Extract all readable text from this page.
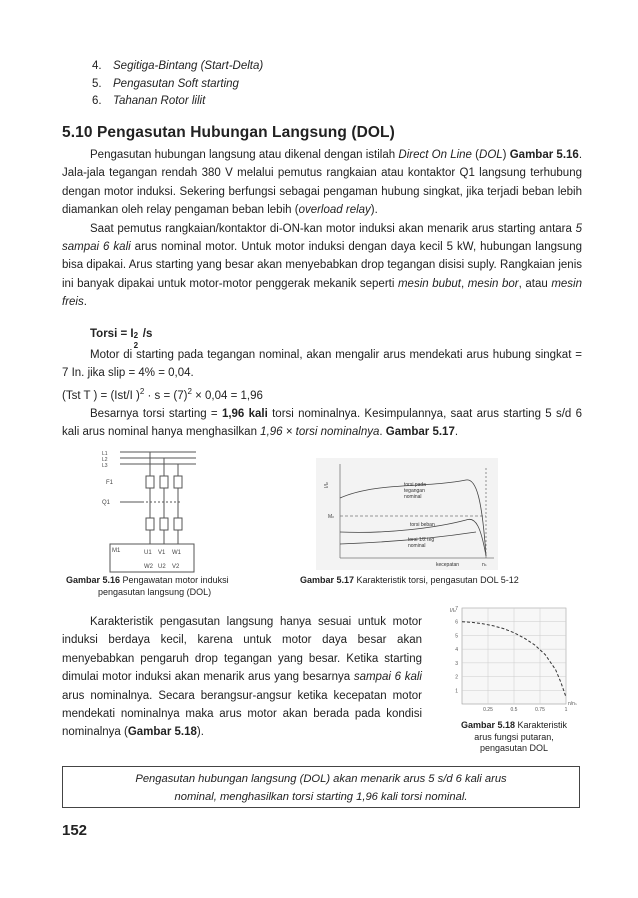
4. Segitiga-Bintang (Start-Delta)
5. Pengasutan Soft starting
6. Tahanan Rotor lilit
5.10 Pengasutan Hubungan Langsung (DOL)

Pengasutan hubungan langsung atau dikenal dengan istilah Direct On Line (DOL) Gambar 5.16. Jala-jala tegangan rendah 380 V melalui pemutus rangkaian atau kontaktor Q1 langsung terhubung dengan motor induksi. Sekering berfungsi sebagai pengaman hubung singkat, jika terjadi beban lebih diamankan oleh relay pengaman beban lebih (overload relay).

Saat pemutus rangkaian/kontaktor di-ON-kan motor induksi akan menarik arus starting antara 5 sampai 6 kali arus nominal motor. Untuk motor induksi dengan daya kecil 5 kW, hubungan langsung bisa dipakai. Arus starting yang besar akan menyebabkan drop tegangan disisi suply. Rangkaian jenis ini banyak dipakai untuk motor-motor penggerak mekanik seperti mesin bubut, mesin bor, atau mesin freis.

Torsi = I 2
2
/s

Motor di starting pada tegangan nominal, akan mengalir arus mendekati arus hubung singkat = 7 In. jika slip = 4% = 0,04.

(Tst T ) = (Ist/I )$^2 \cdot s = (7)^2 \times 0,04 = 1,96$

Besarnya torsi starting = 1,96 kali torsi nominalnya. Kesimpulannya, saat arus starting 5 s/d 6 kali arus nominal hanya menghasilkan 1,96 × torsi nominalnya. Gambar 5.17.

L1
L2
L3
F1
Q1
M1	U1 V1 W1
W2 U2 V2
Gambar 5.16 Pengawatan motor induksi
pengasutan langsung (DOL)
I/Iₙ
Mₙ
torsi pada
tegangan
nominal
torsi beban
torsi 1/2 teg
nominal
kecepatan	nₛ
Gambar 5.17 Karakteristik torsi, pengasutan DOL 5-12

Karakteristik pengasutan langsung hanya sesuai untuk motor induksi berdaya kecil, karena untuk motor daya besar akan menyebabkan pengaruh drop tegangan yang besar. Ketika starting dimulai motor induksi akan menarik arus yang besarnya sampai 6 kali arus nominalnya. Secara berangsur-angsur ketika kecepatan motor mendekati nominalnya maka arus motor akan berada pada kondisi nominalnya (Gambar 5.18).

7
6
5
4
3
2
1
0.25	0.5	0.75	1
I/Iₙ
n/nₛ
Gambar 5.18 Karakteristik
arus fungsi putaran,
pengasutan DOL
Pengasutan hubungan langsung (DOL) akan menarik arus 5 s/d 6 kali arus
nominal, menghasilkan torsi starting 1,96 kali torsi nominal.
152
